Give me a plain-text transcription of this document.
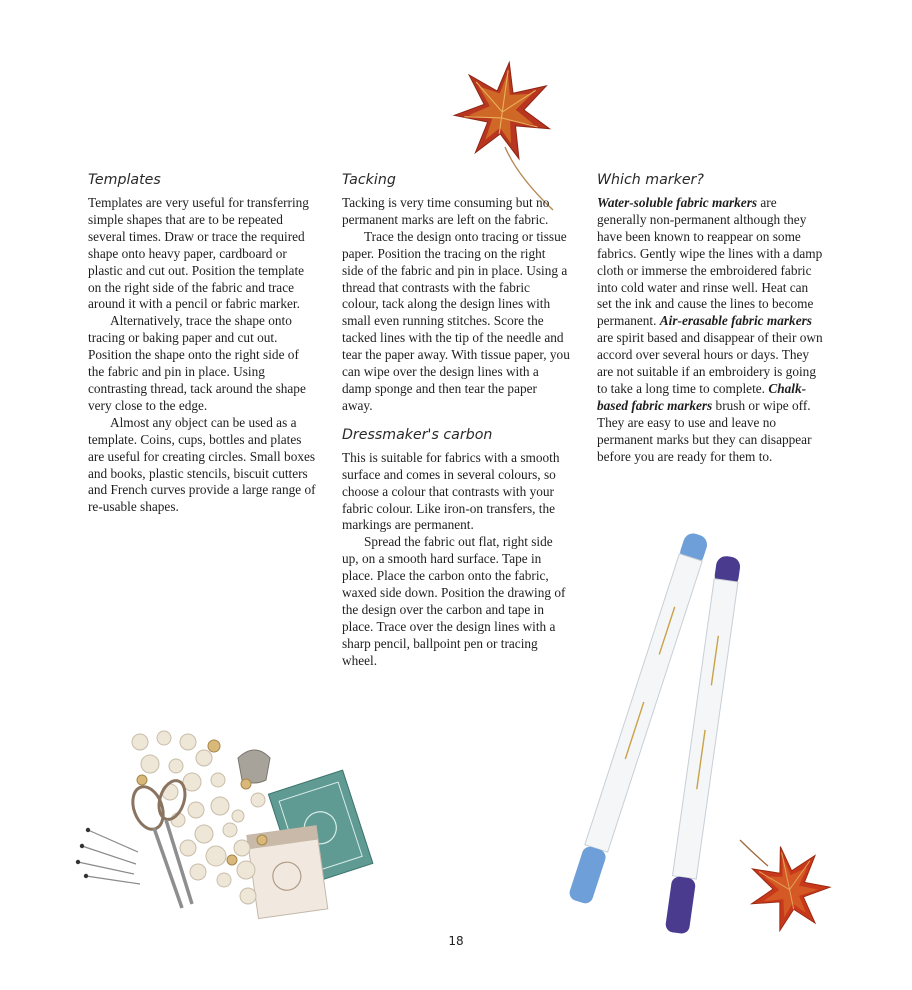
Templates

Templates are very useful for transferring simple shapes that are to be repeated several times. Draw or trace the required shape onto heavy paper, cardboard or plastic and cut out. Position the template on the right side of the fabric and trace around it with a pencil or fabric marker.

Alternatively, trace the shape onto tracing or baking paper and cut out. Position the shape onto the right side of the fabric and pin in place. Using contrasting thread, tack around the shape very close to the edge.

Almost any object can be used as a template. Coins, cups, bottles and plates are useful for creating circles. Small boxes and books, plastic stencils, biscuit cutters and French curves provide a large range of re-usable shapes.

Tacking

Tacking is very time consuming but no permanent marks are left on the fabric.

Trace the design onto tracing or tissue paper. Position the tracing on the right side of the fabric and pin in place. Using a thread that contrasts with the fabric colour, tack along the design lines with small even running stitches. Score the tacked lines with the tip of the needle and tear the paper away. With tissue paper, you can wipe over the design lines with a damp sponge and then tear the paper away.

Dressmaker's carbon

This is suitable for fabrics with a smooth surface and comes in several colours, so choose a colour that contrasts with your fabric colour. Like iron-on transfers, the markings are permanent.

Spread the fabric out flat, right side up, on a smooth hard surface. Tape in place. Place the carbon onto the fabric, waxed side down. Position the drawing of the design over the carbon and tape in place. Trace over the design lines with a sharp pencil, ballpoint pen or tracing wheel.

Which marker?

Water-soluble fabric markers are generally non-permanent although they have been known to reappear on some fabrics. Gently wipe the lines with a damp cloth or immerse the embroidered fabric into cold water and rinse well. Heat can set the ink and cause the lines to become permanent. Air-erasable fabric markers are spirit based and disappear of their own accord over several hours or days. They are not suitable if an embroidery is going to take a long time to complete. Chalk-based fabric markers brush or wipe off. They are easy to use and leave no permanent marks but they can disappear before you are ready for them to.

18
